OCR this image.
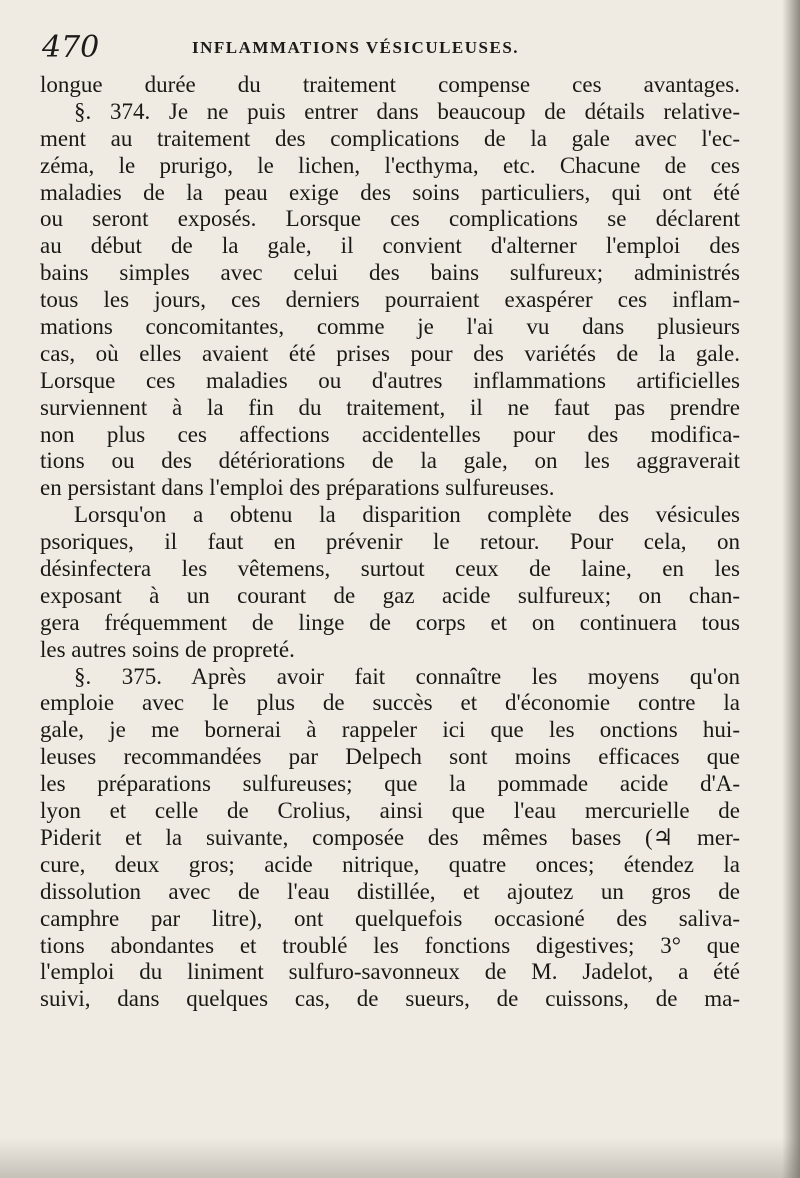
470	INFLAMMATIONS VÉSICULEUSES.
longue durée du traitement compense ces avantages.
§. 374. Je ne puis entrer dans beaucoup de détails relative-
ment au traitement des complications de la gale avec l'ec-
zéma, le prurigo, le lichen, l'ecthyma, etc. Chacune de ces
maladies de la peau exige des soins particuliers, qui ont été
ou seront exposés. Lorsque ces complications se déclarent
au début de la gale, il convient d'alterner l'emploi des
bains simples avec celui des bains sulfureux; administrés
tous les jours, ces derniers pourraient exaspérer ces inflam-
mations concomitantes, comme je l'ai vu dans plusieurs
cas, où elles avaient été prises pour des variétés de la gale.
Lorsque ces maladies ou d'autres inflammations artificielles
surviennent à la fin du traitement, il ne faut pas prendre
non plus ces affections accidentelles pour des modifica-
tions ou des détériorations de la gale, on les aggraverait
en persistant dans l'emploi des préparations sulfureuses.
Lorsqu'on a obtenu la disparition complète des vésicules
psoriques, il faut en prévenir le retour. Pour cela, on
désinfectera les vêtemens, surtout ceux de laine, en les
exposant à un courant de gaz acide sulfureux; on chan-
gera fréquemment de linge de corps et on continuera tous
les autres soins de propreté.
§. 375. Après avoir fait connaître les moyens qu'on
emploie avec le plus de succès et d'économie contre la
gale, je me bornerai à rappeler ici que les onctions hui-
leuses recommandées par Delpech sont moins efficaces que
les préparations sulfureuses; que la pommade acide d'A-
lyon et celle de Crolius, ainsi que l'eau mercurielle de
Piderit et la suivante, composée des mêmes bases (♃ mer-
cure, deux gros; acide nitrique, quatre onces; étendez la
dissolution avec de l'eau distillée, et ajoutez un gros de
camphre par litre), ont quelquefois occasioné des saliva-
tions abondantes et troublé les fonctions digestives; 3° que
l'emploi du liniment sulfuro-savonneux de M. Jadelot, a été
suivi, dans quelques cas, de sueurs, de cuissons, de ma-
